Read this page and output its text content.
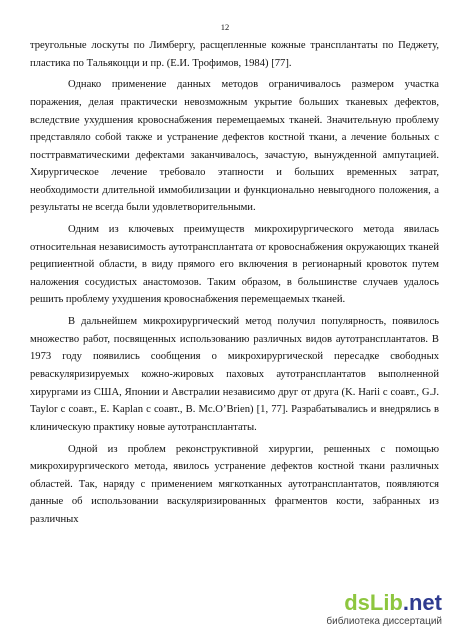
12

треугольные лоскуты по Лимбергу, расщепленные кожные трансплантаты по Педжету, пластика по Тальякоцци и пр. (Е.И. Трофимов, 1984) [77].

Однако применение данных методов ограничивалось размером участка поражения, делая практически невозможным укрытие больших тканевых дефектов, вследствие ухудшения кровоснабжения перемещаемых тканей. Значительную проблему представляло собой также и устранение дефектов костной ткани, а лечение больных с посттравматическими дефектами заканчивалось, зачастую, вынужденной ампутацией. Хирургическое лечение требовало этапности и больших временных затрат, необходимости длительной иммобилизации и функционально невыгодного положения, а результаты не всегда были удовлетворительными.

Одним из ключевых преимуществ микрохирургического метода явилась относительная независимость аутотрансплантата от кровоснабжения окружающих тканей реципиентной области, в виду прямого его включения в регионарный кровоток путем наложения сосудистых анастомозов. Таким образом, в большинстве случаев удалось решить проблему ухудшения кровоснабжения перемещаемых тканей.

В дальнейшем микрохирургический метод получил популярность, появилось множество работ, посвященных использованию различных видов аутотрансплантатов. В 1973 году появились сообщения о микрохирургической пересадке свободных реваскуляризируемых кожно-жировых паховых аутотрансплантатов выполненной хирургами из США, Японии и Австралии независимо друг от друга (K. Harii с соавт., G.J. Taylor с соавт., E. Kaplan с соавт., B. Mc.O’Brien) [1, 77]. Разрабатывались и внедрялись в клиническую практику новые аутотрансплантаты.

Одной из проблем реконструктивной хирургии, решенных с помощью микрохирургического метода, явилось устранение дефектов костной ткани различных областей. Так, наряду с применением мягкотканных аутотрансплантатов, появляются данные об использовании васкуляризированных фрагментов кости, забранных из различных

dsLib.net
библиотека диссертаций
